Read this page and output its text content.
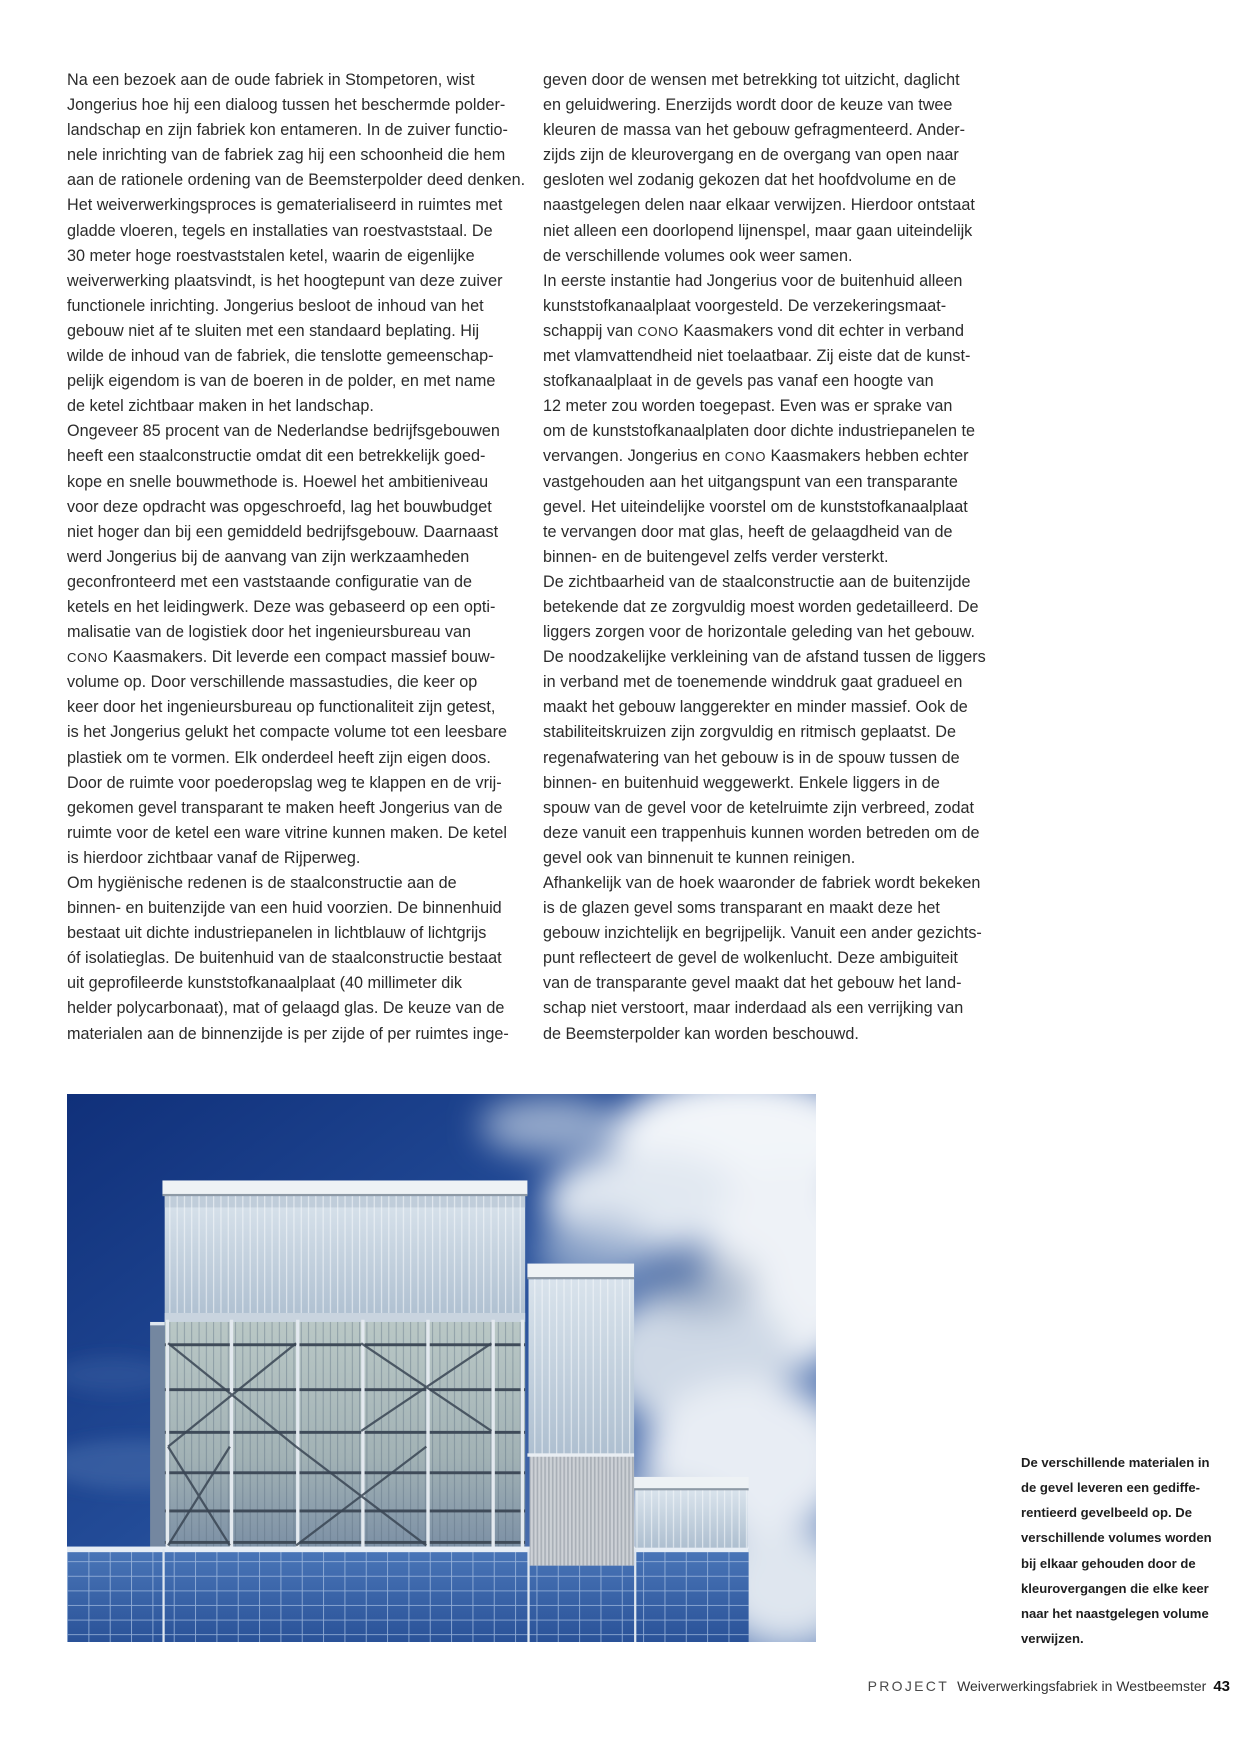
Na een bezoek aan de oude fabriek in Stompetoren, wist
Jongerius hoe hij een dialoog tussen het beschermde polder-
landschap en zijn fabriek kon entameren. In de zuiver functio-
nele inrichting van de fabriek zag hij een schoonheid die hem
aan de rationele ordening van de Beemsterpolder deed denken.
Het weiverwerkingsproces is gematerialiseerd in ruimtes met
gladde vloeren, tegels en installaties van roestvaststaal. De
30 meter hoge roestvaststalen ketel, waarin de eigenlijke
weiverwerking plaatsvindt, is het hoogtepunt van deze zuiver
functionele inrichting. Jongerius besloot de inhoud van het
gebouw niet af te sluiten met een standaard beplating. Hij
wilde de inhoud van de fabriek, die tenslotte gemeenschap-
pelijk eigendom is van de boeren in de polder, en met name
de ketel zichtbaar maken in het landschap.
Ongeveer 85 procent van de Nederlandse bedrijfsgebouwen
heeft een staalconstructie omdat dit een betrekkelijk goed-
kope en snelle bouwmethode is. Hoewel het ambitieniveau
voor deze opdracht was opgeschroefd, lag het bouwbudget
niet hoger dan bij een gemiddeld bedrijfsgebouw. Daarnaast
werd Jongerius bij de aanvang van zijn werkzaamheden
geconfronteerd met een vaststaande configuratie van de
ketels en het leidingwerk. Deze was gebaseerd op een opti-
malisatie van de logistiek door het ingenieursbureau van
CONO Kaasmakers. Dit leverde een compact massief bouw-
volume op. Door verschillende massastudies, die keer op
keer door het ingenieursbureau op functionaliteit zijn getest,
is het Jongerius gelukt het compacte volume tot een leesbare
plastiek om te vormen. Elk onderdeel heeft zijn eigen doos.
Door de ruimte voor poederopslag weg te klappen en de vrij-
gekomen gevel transparant te maken heeft Jongerius van de
ruimte voor de ketel een ware vitrine kunnen maken. De ketel
is hierdoor zichtbaar vanaf de Rijperweg.
Om hygiënische redenen is de staalconstructie aan de
binnen- en buitenzijde van een huid voorzien. De binnenhuid
bestaat uit dichte industriepanelen in lichtblauw of lichtgrijs
óf isolatieglas. De buitenhuid van de staalconstructie bestaat
uit geprofileerde kunststofkanaalplaat (40 millimeter dik
helder polycarbonaat), mat of gelaagd glas. De keuze van de
materialen aan de binnenzijde is per zijde of per ruimtes inge-
geven door de wensen met betrekking tot uitzicht, daglicht
en geluidwering. Enerzijds wordt door de keuze van twee
kleuren de massa van het gebouw gefragmenteerd. Ander-
zijds zijn de kleurovergang en de overgang van open naar
gesloten wel zodanig gekozen dat het hoofdvolume en de
naastgelegen delen naar elkaar verwijzen. Hierdoor ontstaat
niet alleen een doorlopend lijnenspel, maar gaan uiteindelijk
de verschillende volumes ook weer samen.
In eerste instantie had Jongerius voor de buitenhuid alleen
kunststofkanaalplaat voorgesteld. De verzekeringsmaat-
schappij van CONO Kaasmakers vond dit echter in verband
met vlamvattendheid niet toelaatbaar. Zij eiste dat de kunst-
stofkanaalplaat in de gevels pas vanaf een hoogte van
12 meter zou worden toegepast. Even was er sprake van
om de kunststofkanaalplaten door dichte industriepanelen te
vervangen. Jongerius en CONO Kaasmakers hebben echter
vastgehouden aan het uitgangspunt van een transparante
gevel. Het uiteindelijke voorstel om de kunststofkanaalplaat
te vervangen door mat glas, heeft de gelaagdheid van de
binnen- en de buitengevel zelfs verder versterkt.
De zichtbaarheid van de staalconstructie aan de buitenzijde
betekende dat ze zorgvuldig moest worden gedetailleerd. De
liggers zorgen voor de horizontale geleding van het gebouw.
De noodzakelijke verkleining van de afstand tussen de liggers
in verband met de toenemende winddruk gaat gradueel en
maakt het gebouw langgerekter en minder massief. Ook de
stabiliteitskruizen zijn zorgvuldig en ritmisch geplaatst. De
regenafwatering van het gebouw is in de spouw tussen de
binnen- en buitenhuid weggewerkt. Enkele liggers in de
spouw van de gevel voor de ketelruimte zijn verbreed, zodat
deze vanuit een trappenhuis kunnen worden betreden om de
gevel ook van binnenuit te kunnen reinigen.
Afhankelijk van de hoek waaronder de fabriek wordt bekeken
is de glazen gevel soms transparant en maakt deze het
gebouw inzichtelijk en begrijpelijk. Vanuit een ander gezichts-
punt reflecteert de gevel de wolkenlucht. Deze ambiguiteit
van de transparante gevel maakt dat het gebouw het land-
schap niet verstoort, maar inderdaad als een verrijking van
de Beemsterpolder kan worden beschouwd.
De verschillende materialen in
de gevel leveren een gediffe-
rentieerd gevelbeeld op. De
verschillende volumes worden
bij elkaar gehouden door de
kleurovergangen die elke keer
naar het naastgelegen volume
verwijzen.
PROJECT Weiverwerkingsfabriek in Westbeemster 43
